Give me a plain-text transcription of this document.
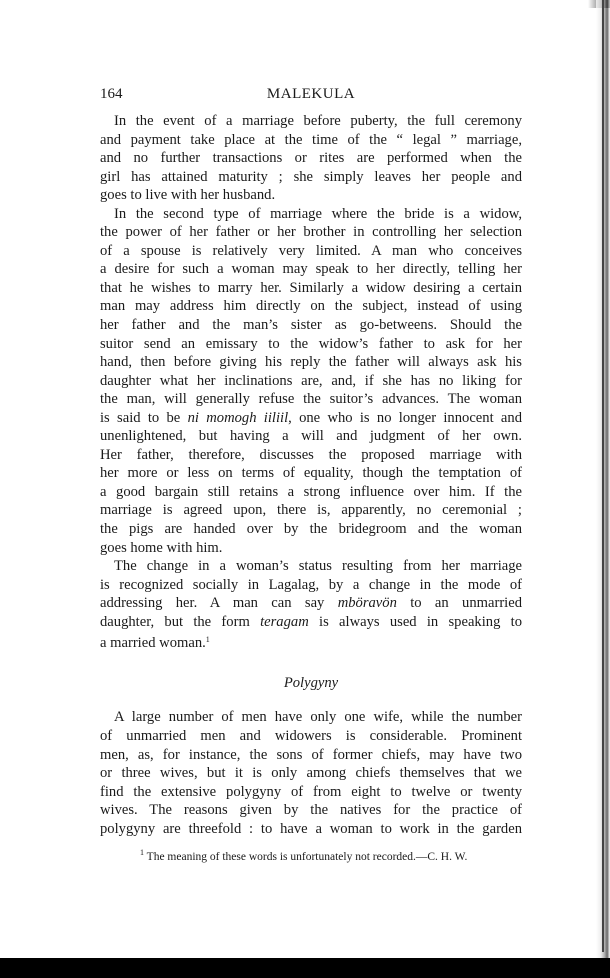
164	MALEKULA
In the event of a marriage before puberty, the full ceremony
and payment take place at the time of the “ legal ” marriage,
and no further transactions or rites are performed when the
girl has attained maturity ; she simply leaves her people and
goes to live with her husband.
In the second type of marriage where the bride is a widow,
the power of her father or her brother in controlling her selection
of a spouse is relatively very limited. A man who conceives
a desire for such a woman may speak to her directly, telling her
that he wishes to marry her. Similarly a widow desiring a certain
man may address him directly on the subject, instead of using
her father and the man’s sister as go-betweens. Should the
suitor send an emissary to the widow’s father to ask for her
hand, then before giving his reply the father will always ask his
daughter what her inclinations are, and, if she has no liking for
the man, will generally refuse the suitor’s advances. The woman
is said to be ni momogh iiliil, one who is no longer innocent and
unenlightened, but having a will and judgment of her own.
Her father, therefore, discusses the proposed marriage with
her more or less on terms of equality, though the temptation of
a good bargain still retains a strong influence over him. If the
marriage is agreed upon, there is, apparently, no ceremonial ;
the pigs are handed over by the bridegroom and the woman
goes home with him.
The change in a woman’s status resulting from her marriage
is recognized socially in Lagalag, by a change in the mode of
addressing her. A man can say mböravön to an unmarried
daughter, but the form teragam is always used in speaking to
a married woman.$^1$
Polygyny
A large number of men have only one wife, while the number
of unmarried men and widowers is considerable. Prominent
men, as, for instance, the sons of former chiefs, may have two
or three wives, but it is only among chiefs themselves that we
find the extensive polygyny of from eight to twelve or twenty
wives. The reasons given by the natives for the practice of
polygyny are threefold : to have a woman to work in the garden
$^1$ The meaning of these words is unfortunately not recorded.—C. H. W.
